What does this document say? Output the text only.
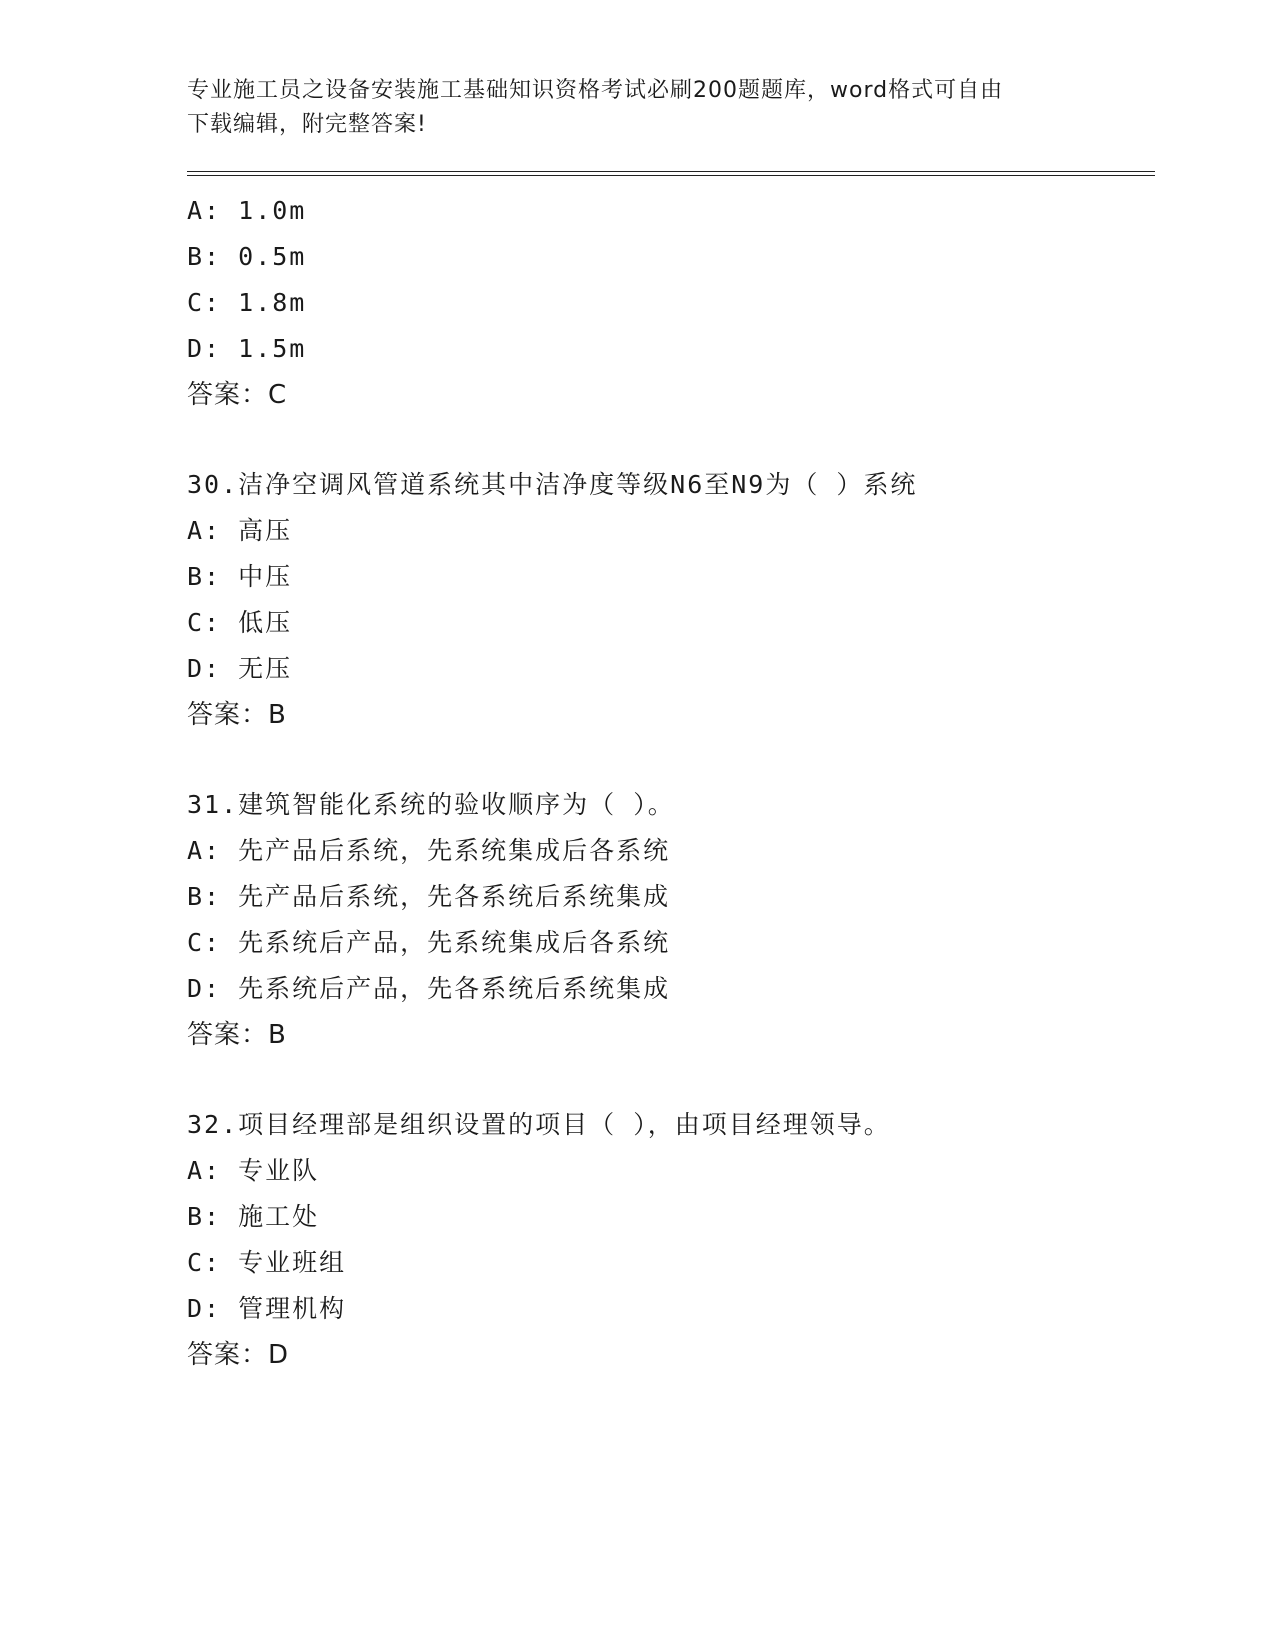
专业施工员之设备安装施工基础知识资格考试必刷200题题库，word格式可自由
下载编辑，附完整答案!
A: 1.0m
B: 0.5m
C: 1.8m
D: 1.5m
答案：C
30.洁净空调风管道系统其中洁净度等级N6至N9为（ ）系统
A: 高压
B: 中压
C: 低压
D: 无压
答案：B
31.建筑智能化系统的验收顺序为（ ）。
A: 先产品后系统，先系统集成后各系统
B: 先产品后系统，先各系统后系统集成
C: 先系统后产品，先系统集成后各系统
D: 先系统后产品，先各系统后系统集成
答案：B
32.项目经理部是组织设置的项目（ ），由项目经理领导。
A: 专业队
B: 施工处
C: 专业班组
D: 管理机构
答案：D
